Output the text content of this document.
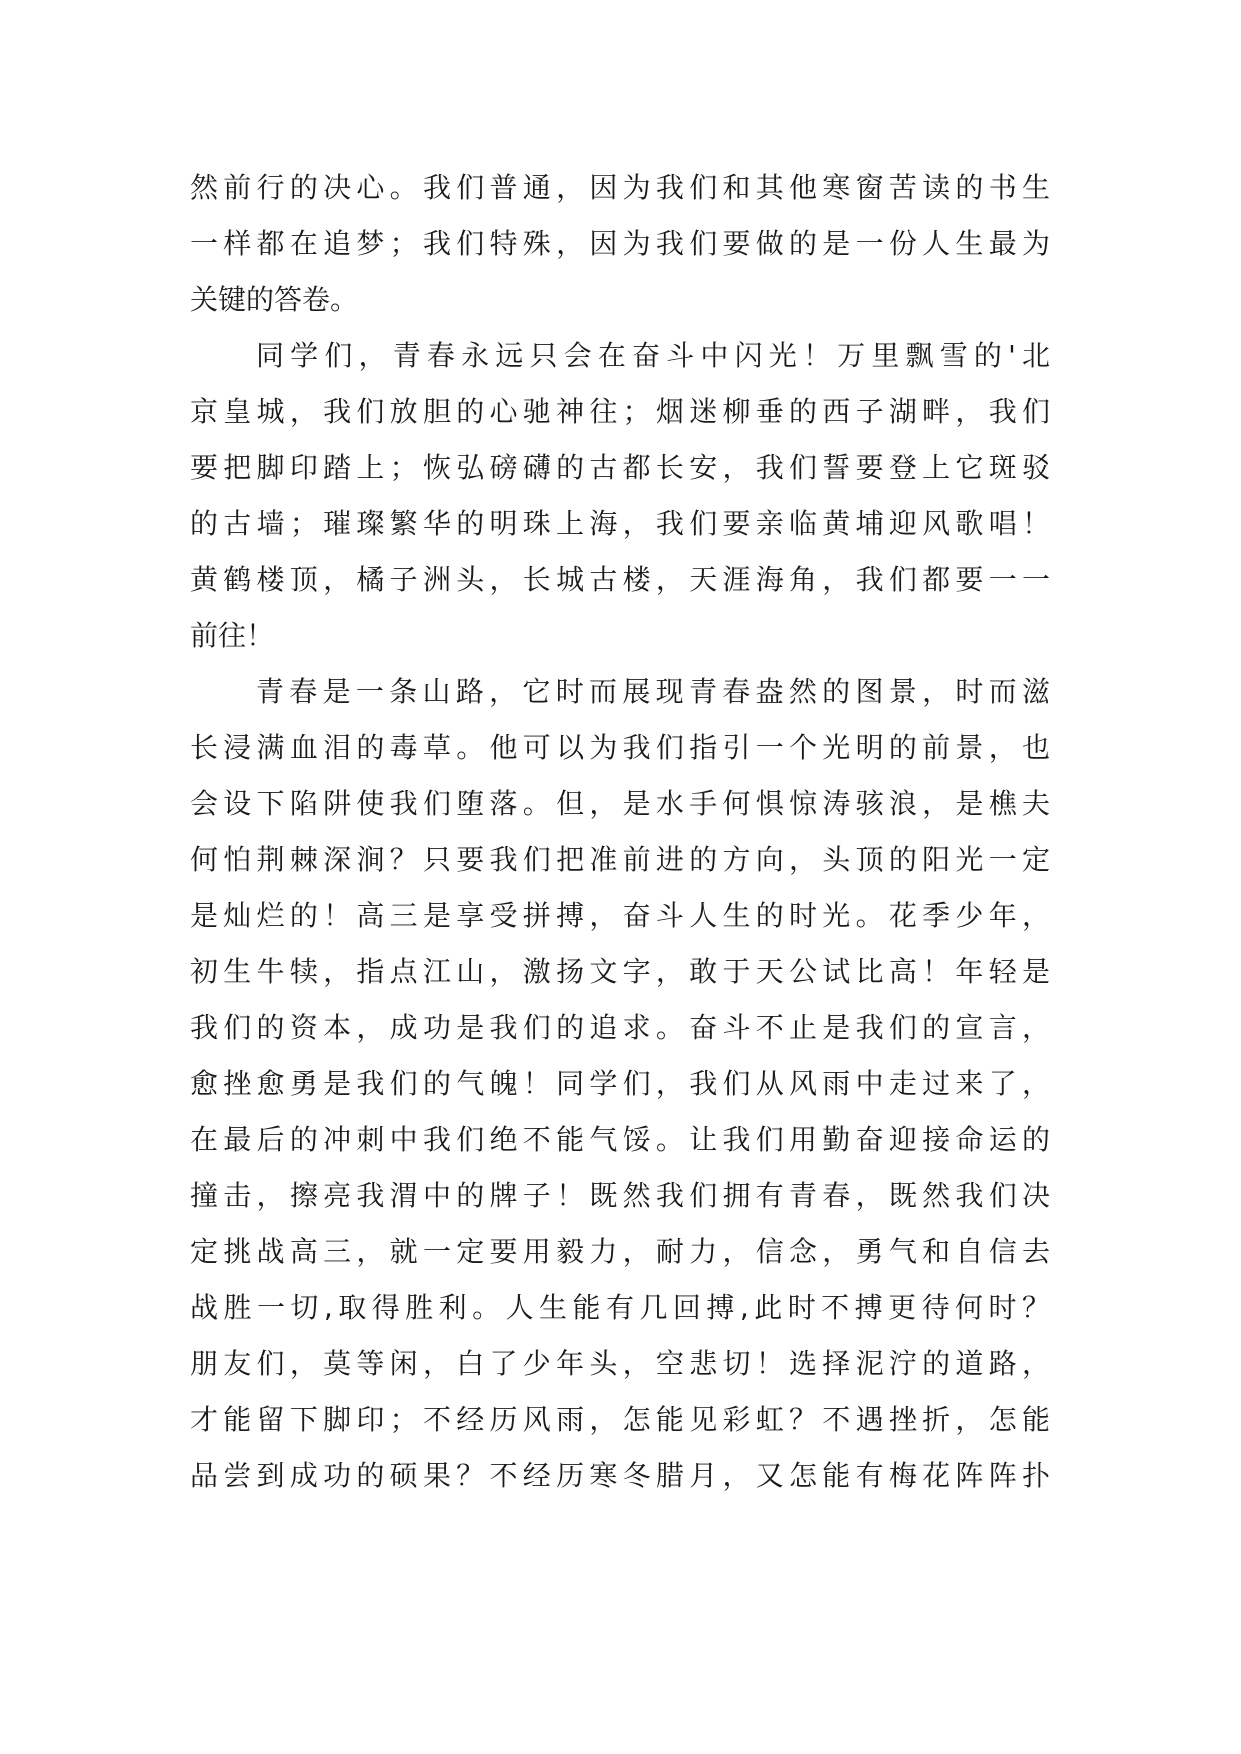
然前行的决心。我们普通，因为我们和其他寒窗苦读的书生
一样都在追梦；我们特殊，因为我们要做的是一份人生最为
关键的答卷。
同学们，青春永远只会在奋斗中闪光！万里飘雪的'北
京皇城，我们放胆的心驰神往；烟迷柳垂的西子湖畔，我们
要把脚印踏上；恢弘磅礴的古都长安，我们誓要登上它斑驳
的古墙；璀璨繁华的明珠上海，我们要亲临黄埔迎风歌唱！
黄鹤楼顶，橘子洲头，长城古楼，天涯海角，我们都要一一
前往！
青春是一条山路，它时而展现青春盎然的图景，时而滋
长浸满血泪的毒草。他可以为我们指引一个光明的前景，也
会设下陷阱使我们堕落。但，是水手何惧惊涛骇浪，是樵夫
何怕荆棘深涧？只要我们把准前进的方向，头顶的阳光一定
是灿烂的！高三是享受拼搏，奋斗人生的时光。花季少年，
初生牛犊，指点江山，激扬文字，敢于天公试比高！年轻是
我们的资本，成功是我们的追求。奋斗不止是我们的宣言，
愈挫愈勇是我们的气魄！同学们，我们从风雨中走过来了，
在最后的冲刺中我们绝不能气馁。让我们用勤奋迎接命运的
撞击，擦亮我渭中的牌子！既然我们拥有青春，既然我们决
定挑战高三，就一定要用毅力，耐力，信念，勇气和自信去
战胜一切,取得胜利。人生能有几回搏,此时不搏更待何时？
朋友们，莫等闲，白了少年头，空悲切！选择泥泞的道路，
才能留下脚印；不经历风雨，怎能见彩虹？不遇挫折，怎能
品尝到成功的硕果？不经历寒冬腊月，又怎能有梅花阵阵扑
